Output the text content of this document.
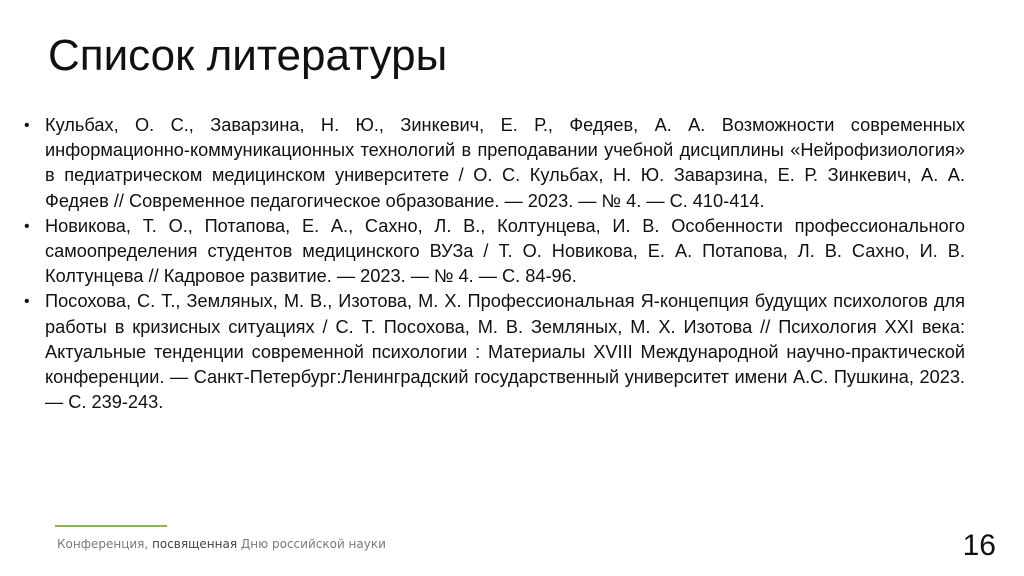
Список литературы
• Кульбах, О. С., Заварзина, Н. Ю., Зинкевич, Е. Р., Федяев, А. А. Возможности современных информационно-коммуникационных технологий в преподавании учебной дисциплины «Нейрофизиология» в педиатрическом медицинском университете / О. С. Кульбах, Н. Ю. Заварзина, Е. Р. Зинкевич, А. А. Федяев // Современное педагогическое образование. — 2023. — № 4. — С. 410-414.
• Новикова, Т. О., Потапова, Е. А., Сахно, Л. В., Колтунцева, И. В. Особенности профессионального самоопределения студентов медицинского ВУЗа / Т. О. Новикова, Е. А. Потапова, Л. В. Сахно, И. В. Колтунцева // Кадровое развитие. — 2023. — № 4. — С. 84-96.
• Посохова, С. Т., Земляных, М. В., Изотова, М. Х. Профессиональная Я-концепция будущих психологов для работы в кризисных ситуациях / С. Т. Посохова, М. В. Земляных, М. Х. Изотова // Психология XXI века: Актуальные тенденции современной психологии : Материалы XVIII Международной научно-практической конференции. — Санкт-Петербург:Ленинградский государственный университет имени А.С. Пушкина, 2023. — С. 239-243.
Конференция, посвященная Дню российской науки	16
